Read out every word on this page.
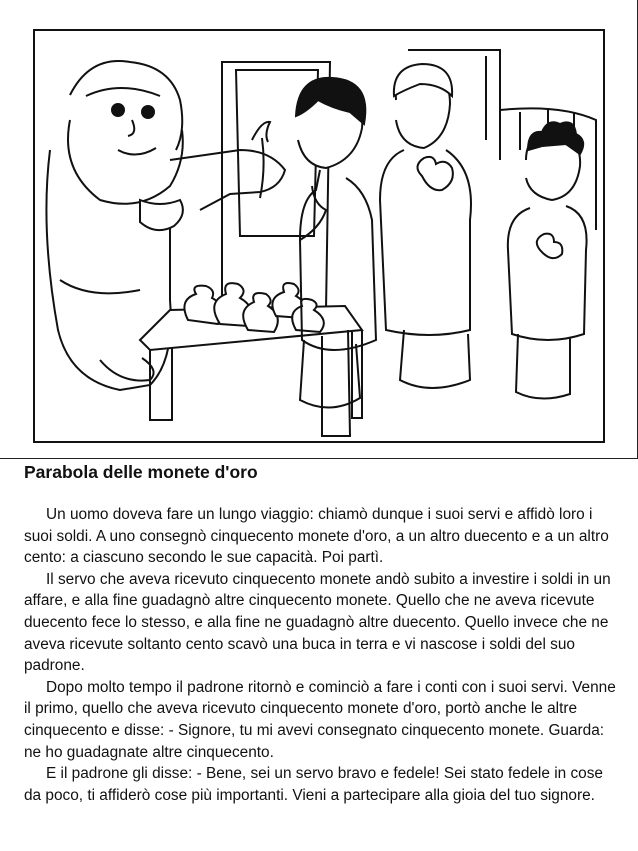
Parabola delle monete d'oro

Un uomo doveva fare un lungo viaggio: chiamò dunque i suoi servi e affidò loro i suoi soldi. A uno consegnò cinquecento monete d'oro, a un altro duecento e a un altro cento: a ciascuno secondo le sue capacità. Poi partì.

Il servo che aveva ricevuto cinquecento monete andò subito a investire i soldi in un affare, e alla fine guadagnò altre cinquecento monete. Quello che ne aveva ricevute duecento fece lo stesso, e alla fine ne guadagnò altre duecento. Quello invece che ne aveva ricevute soltanto cento scavò una buca in terra e vi nascose i soldi del suo padrone.

Dopo molto tempo il padrone ritornò e cominciò a fare i conti con i suoi servi. Venne il primo, quello che aveva ricevuto cinquecento monete d'oro, portò anche le altre cinquecento e disse: - Signore, tu mi avevi consegnato cinquecento monete. Guarda: ne ho guadagnate altre cinquecento.

E il padrone gli disse: - Bene, sei un servo bravo e fedele! Sei stato fedele in cose da poco, ti affiderò cose più importanti. Vieni a partecipare alla gioia del tuo signore.
